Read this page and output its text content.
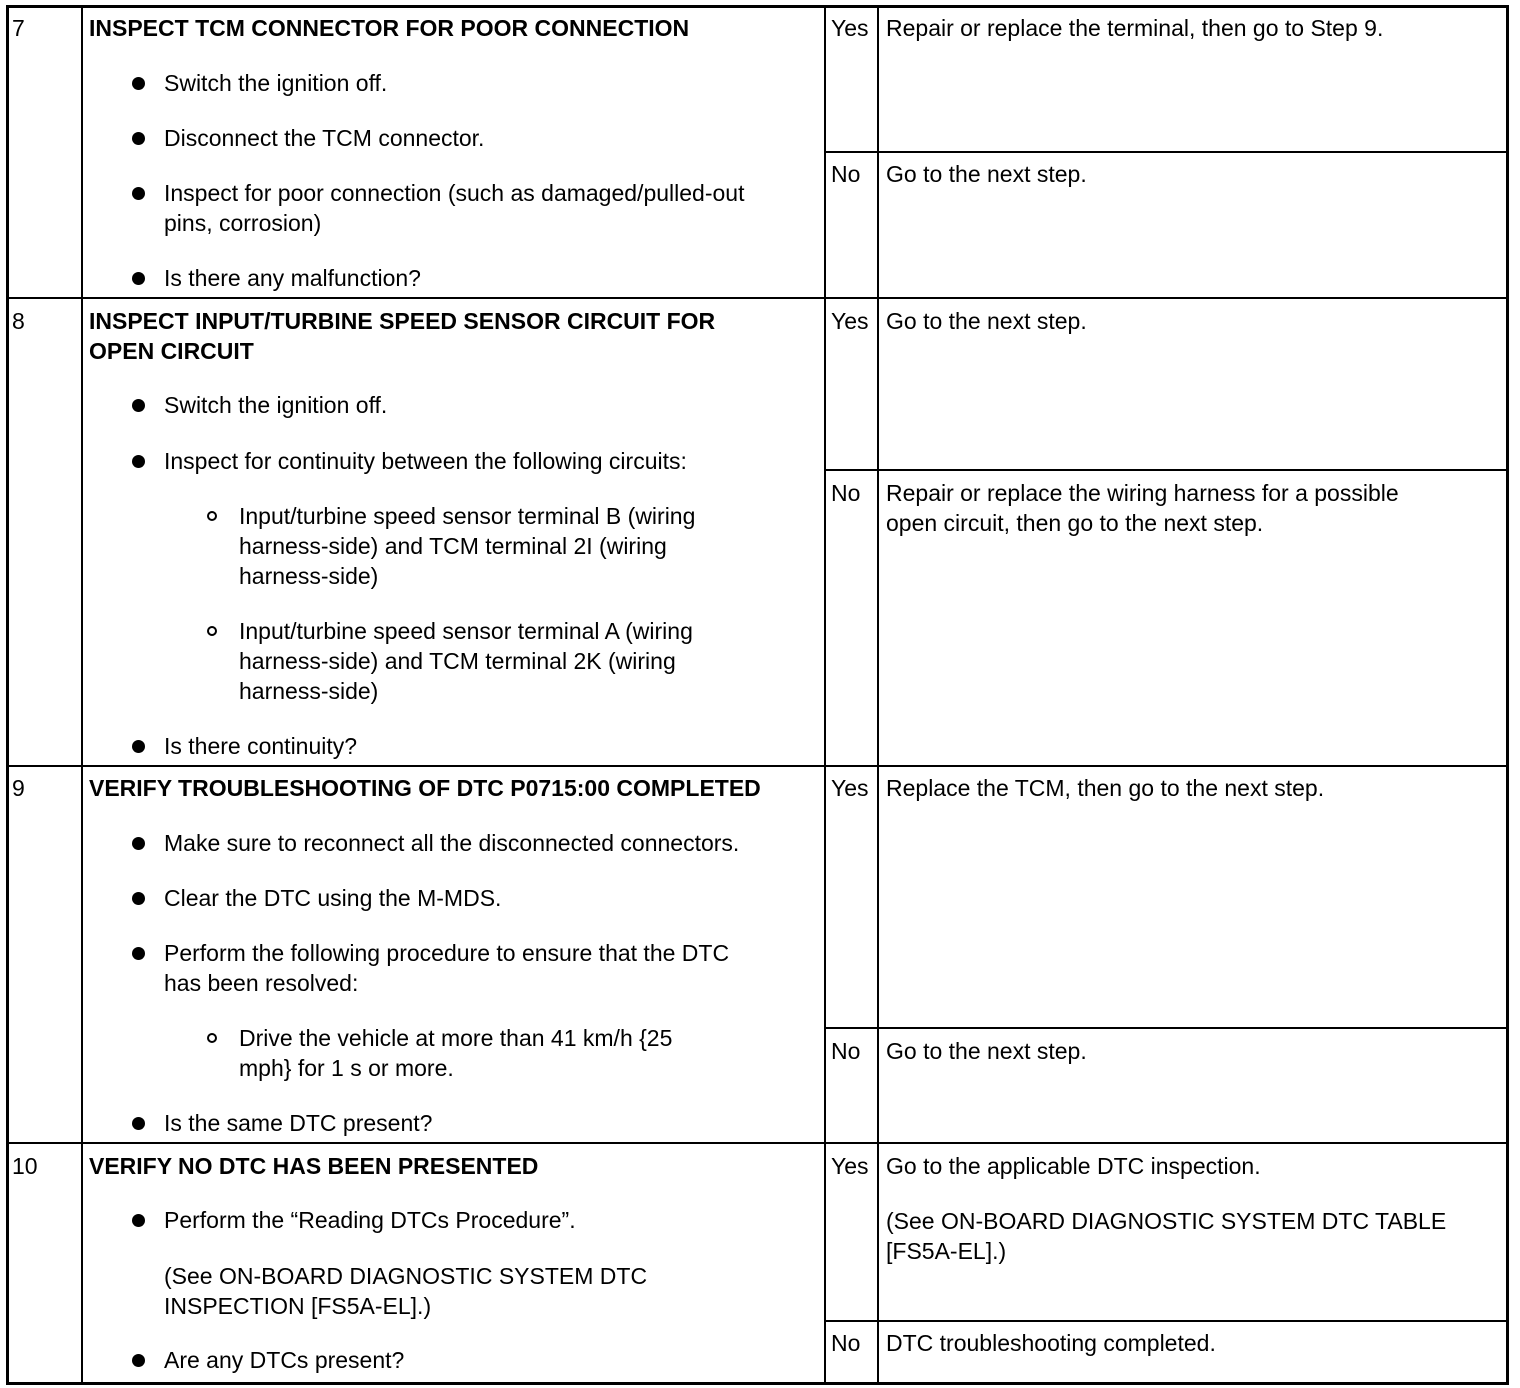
7	INSPECT TCM CONNECTOR FOR POOR CONNECTION
Switch the ignition off.
Disconnect the TCM connector.
Inspect for poor connection (such as damaged/pulled-out
pins, corrosion)
Is there any malfunction?
Yes Repair or replace the terminal, then go to Step 9.
No Go to the next step.
8	INSPECT INPUT/TURBINE SPEED SENSOR CIRCUIT FOR
OPEN CIRCUIT
Switch the ignition off.
Inspect for continuity between the following circuits:
Input/turbine speed sensor terminal B (wiring
harness-side) and TCM terminal 2I (wiring
harness-side)
Input/turbine speed sensor terminal A (wiring
harness-side) and TCM terminal 2K (wiring
harness-side)
Is there continuity?
Yes Go to the next step.
No Repair or replace the wiring harness for a possible
open circuit, then go to the next step.
9	VERIFY TROUBLESHOOTING OF DTC P0715:00 COMPLETED
Make sure to reconnect all the disconnected connectors.
Clear the DTC using the M-MDS.
Perform the following procedure to ensure that the DTC
has been resolved:
Drive the vehicle at more than 41 km/h {25
mph} for 1 s or more.
Is the same DTC present?
Yes Replace the TCM, then go to the next step.
No Go to the next step.
10 VERIFY NO DTC HAS BEEN PRESENTED
Perform the “Reading DTCs Procedure”.
(See ON-BOARD DIAGNOSTIC SYSTEM DTC
INSPECTION [FS5A-EL].)
Are any DTCs present?
Yes Go to the applicable DTC inspection.
(See ON-BOARD DIAGNOSTIC SYSTEM DTC TABLE
[FS5A-EL].)
No DTC troubleshooting completed.
